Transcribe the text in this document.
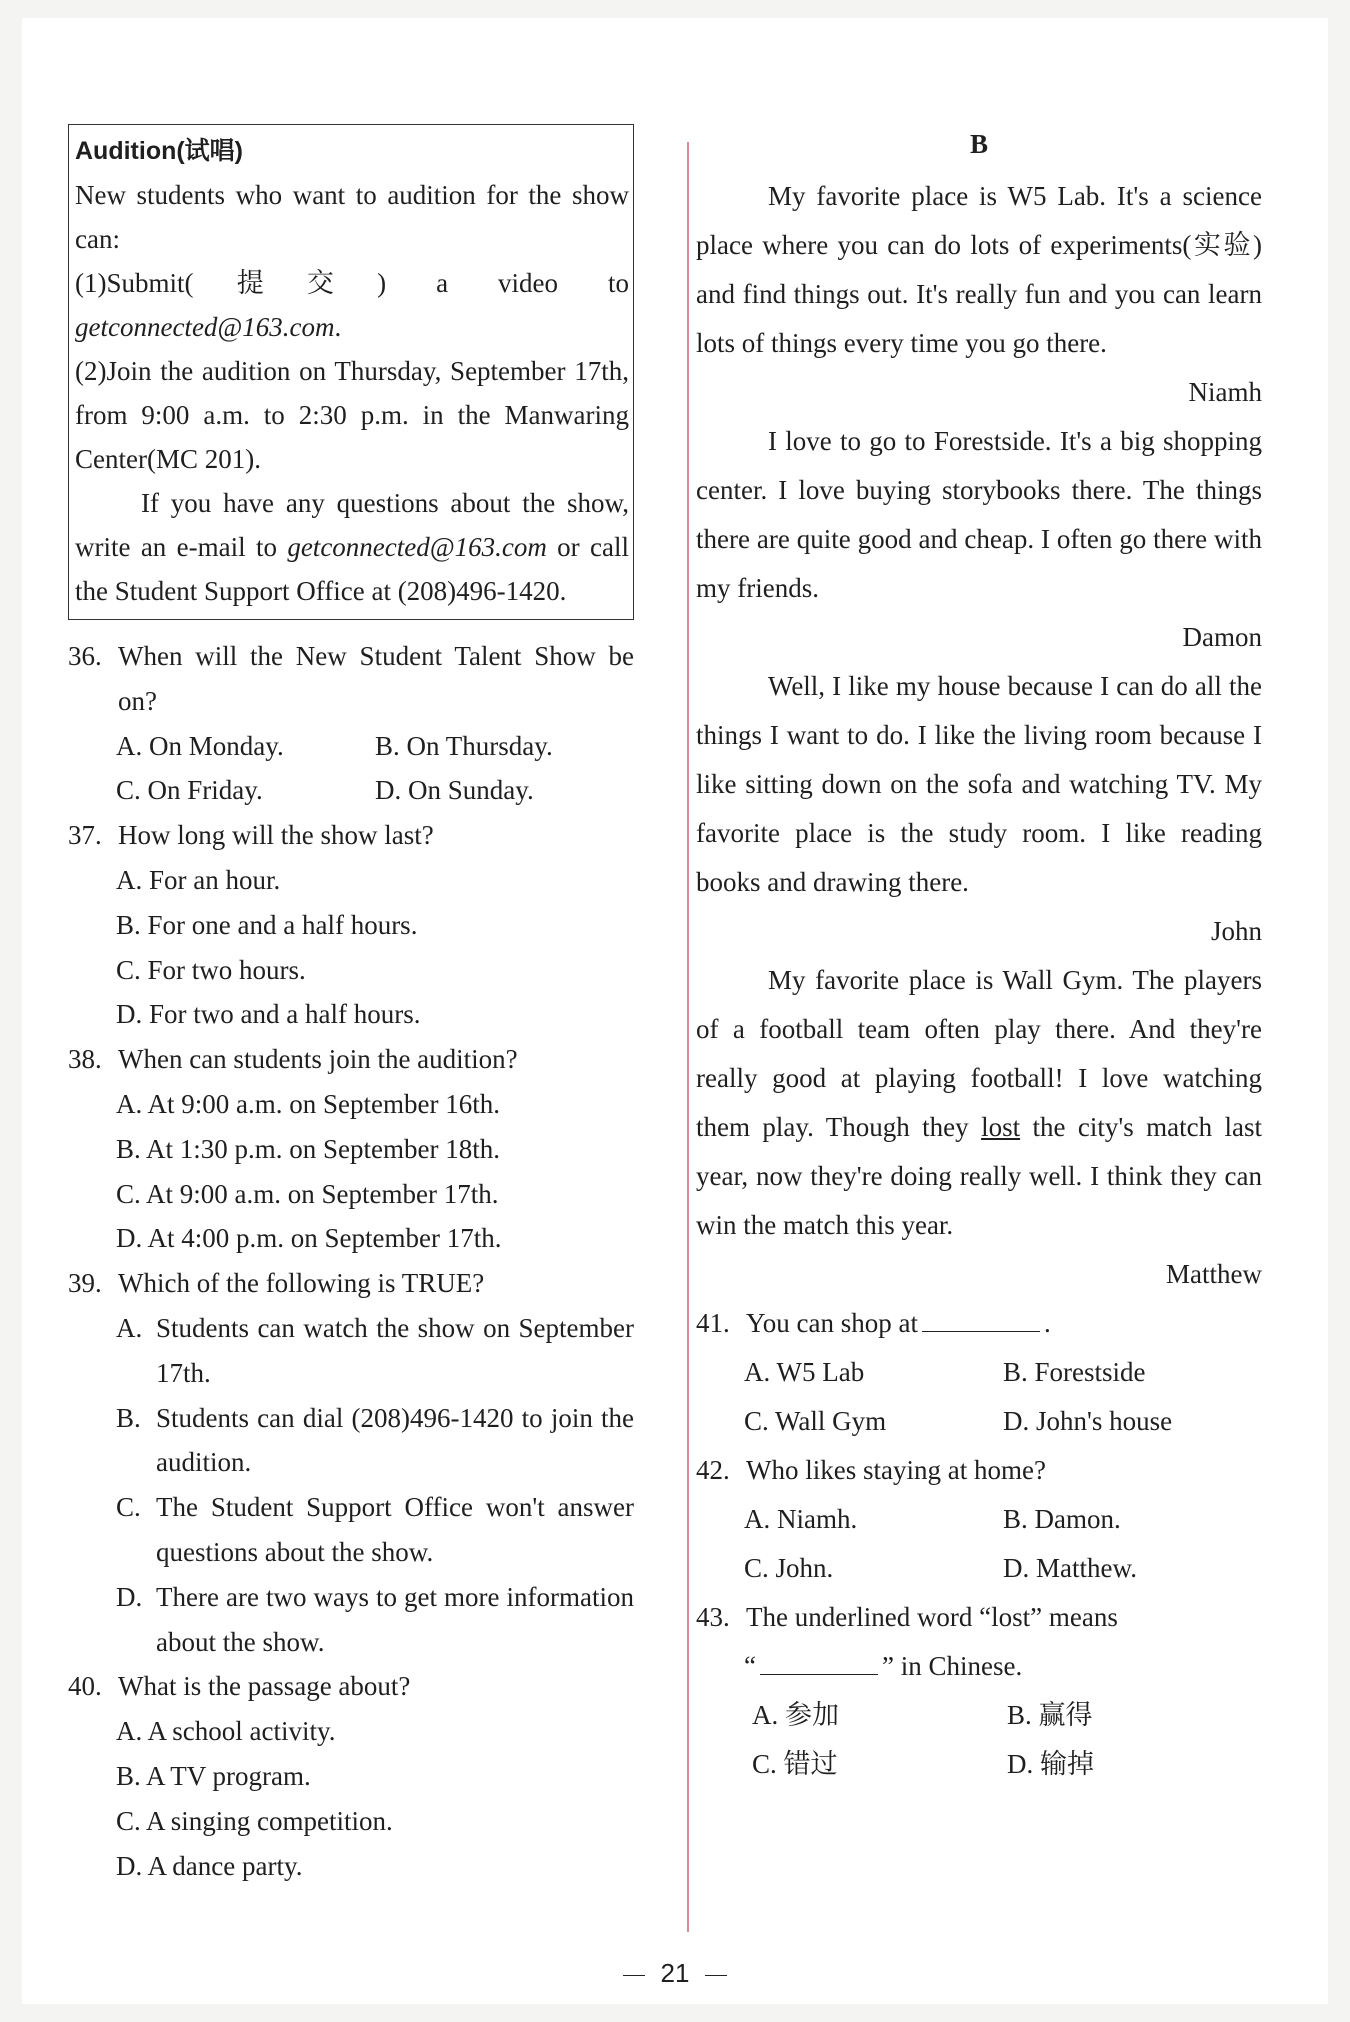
Audition(试唱)
New students who want to audition for the show can:
(1)Submit(提交) a video to getconnected@163.com.
(2)Join the audition on Thursday, September 17th, from 9:00 a.m. to 2:30 p.m. in the Manwaring Center(MC 201).
If you have any questions about the show, write an e-mail to getconnected@163.com or call the Student Support Office at (208)496-1420.
36. When will the New Student Talent Show be on?
A. On Monday.	B. On Thursday.
C. On Friday.	D. On Sunday.
37. How long will the show last?
A. For an hour.
B. For one and a half hours.
C. For two hours.
D. For two and a half hours.
38. When can students join the audition?
A. At 9:00 a.m. on September 16th.
B. At 1:30 p.m. on September 18th.
C. At 9:00 a.m. on September 17th.
D. At 4:00 p.m. on September 17th.
39. Which of the following is TRUE?
A. Students can watch the show on September 17th.
B. Students can dial (208)496-1420 to join the audition.
C. The Student Support Office won't answer questions about the show.
D. There are two ways to get more information about the show.
40. What is the passage about?
A. A school activity.
B. A TV program.
C. A singing competition.
D. A dance party.
B
My favorite place is W5 Lab. It's a science place where you can do lots of experiments(实验) and find things out. It's really fun and you can learn lots of things every time you go there.
Niamh
I love to go to Forestside. It's a big shopping center. I love buying storybooks there. The things there are quite good and cheap. I often go there with my friends.
Damon
Well, I like my house because I can do all the things I want to do. I like the living room because I like sitting down on the sofa and watching TV. My favorite place is the study room. I like reading books and drawing there.
John
My favorite place is Wall Gym. The players of a football team often play there. And they're really good at playing football! I love watching them play. Though they lost the city's match last year, now they're doing really well. I think they can win the match this year.
Matthew
41. You can shop at	.
A. W5 Lab	B. Forestside
C. Wall Gym	D. John's house
42. Who likes staying at home?
A. Niamh.	B. Damon.
C. John.	D. Matthew.
43. The underlined word “lost” means
“	” in Chinese.
A. 参加	B. 赢得
C. 错过	D. 输掉
21
